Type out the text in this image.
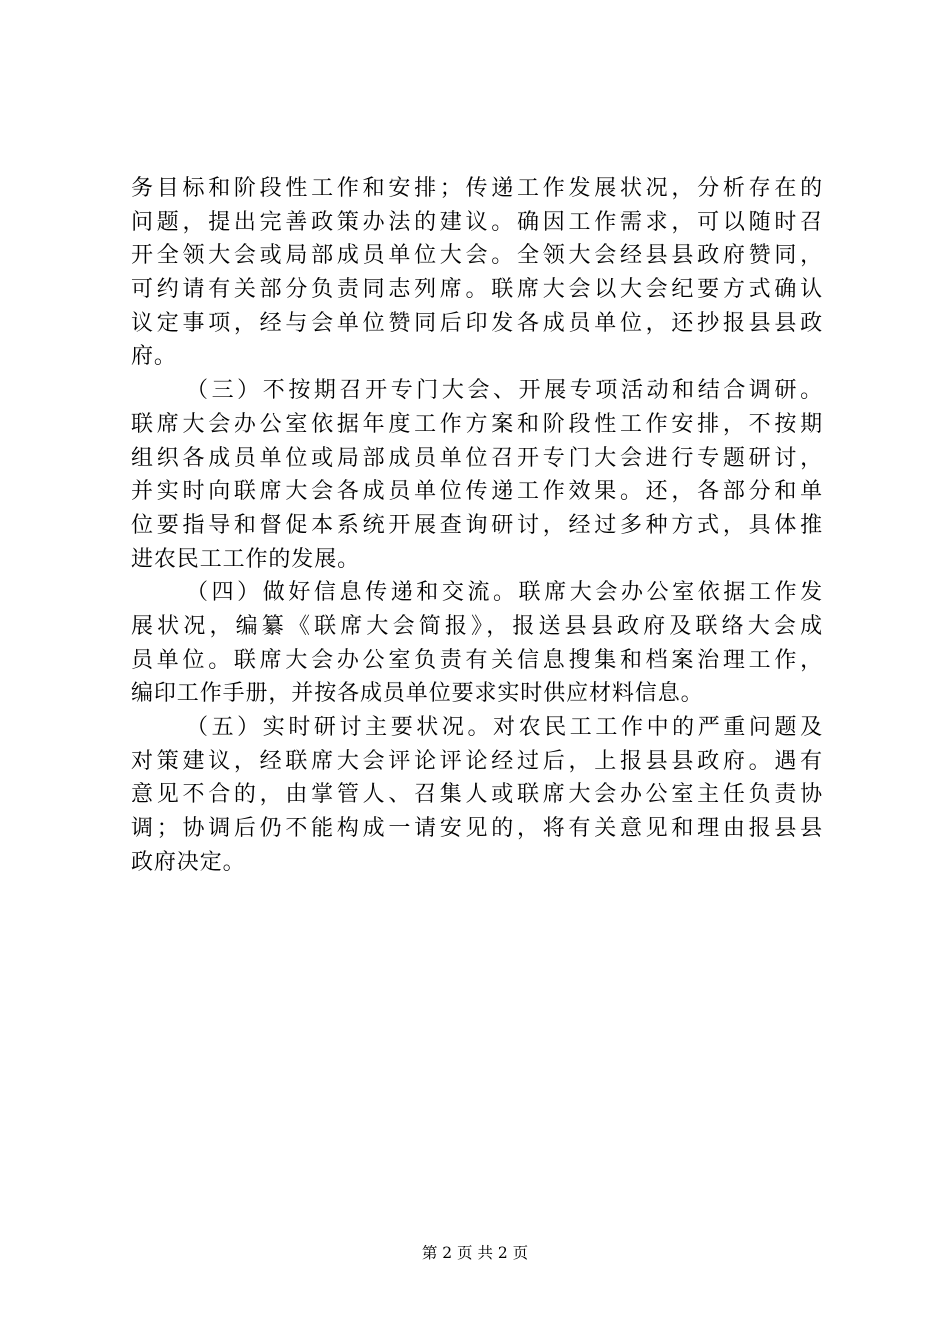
务目标和阶段性工作和安排；传递工作发展状况，分析存在的
问题，提出完善政策办法的建议。确因工作需求，可以随时召
开全领大会或局部成员单位大会。全领大会经县县政府赞同，
可约请有关部分负责同志列席。联席大会以大会纪要方式确认
议定事项，经与会单位赞同后印发各成员单位，还抄报县县政
府。
（三）不按期召开专门大会、开展专项活动和结合调研。
联席大会办公室依据年度工作方案和阶段性工作安排，不按期
组织各成员单位或局部成员单位召开专门大会进行专题研讨，
并实时向联席大会各成员单位传递工作效果。还，各部分和单
位要指导和督促本系统开展查询研讨，经过多种方式，具体推
进农民工工作的发展。
（四）做好信息传递和交流。联席大会办公室依据工作发
展状况，编纂《联席大会简报》，报送县县政府及联络大会成
员单位。联席大会办公室负责有关信息搜集和档案治理工作，
编印工作手册，并按各成员单位要求实时供应材料信息。
（五）实时研讨主要状况。对农民工工作中的严重问题及
对策建议，经联席大会评论评论经过后，上报县县政府。遇有
意见不合的，由掌管人、召集人或联席大会办公室主任负责协
调；协调后仍不能构成一请安见的，将有关意见和理由报县县
政府决定。
第 2 页 共 2 页
